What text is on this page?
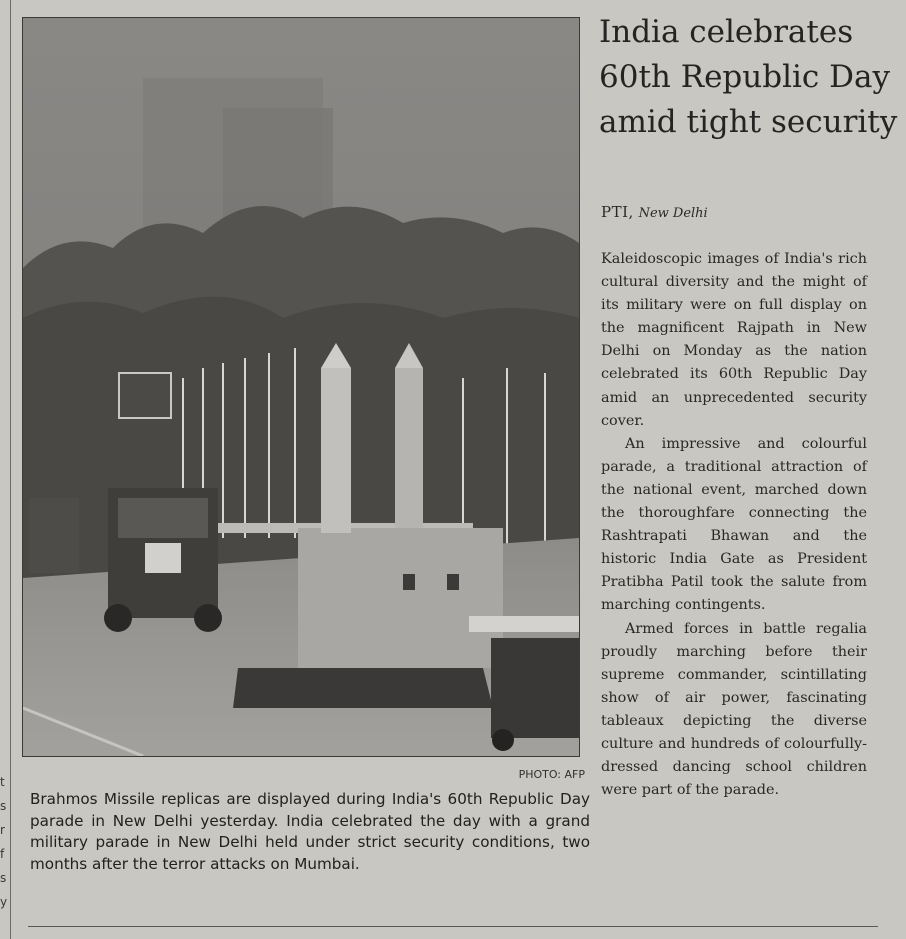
t
s
r
f
s
y
PHOTO: AFP
Brahmos Missile replicas are displayed during India's 60th Republic Day parade in New Delhi yesterday. India celebrated the day with a grand military parade in New Delhi held under strict security conditions, two months after the terror attacks on Mumbai.
India celebrates 60th Republic Day amid tight security
PTI, New Delhi

Kaleidoscopic images of India's rich cultural diversity and the might of its military were on full display on the magnificent Rajpath in New Delhi on Monday as the nation celebrated its 60th Republic Day amid an unprecedented security cover.

An impressive and colourful parade, a traditional attraction of the national event, marched down the thoroughfare connecting the Rashtrapati Bhawan and the historic India Gate as President Pratibha Patil took the salute from marching contingents.

Armed forces in battle regalia proudly marching before their supreme commander, scintillating show of air power, fascinating tableaux depicting the diverse culture and hundreds of colourfully-dressed dancing school children were part of the parade.
